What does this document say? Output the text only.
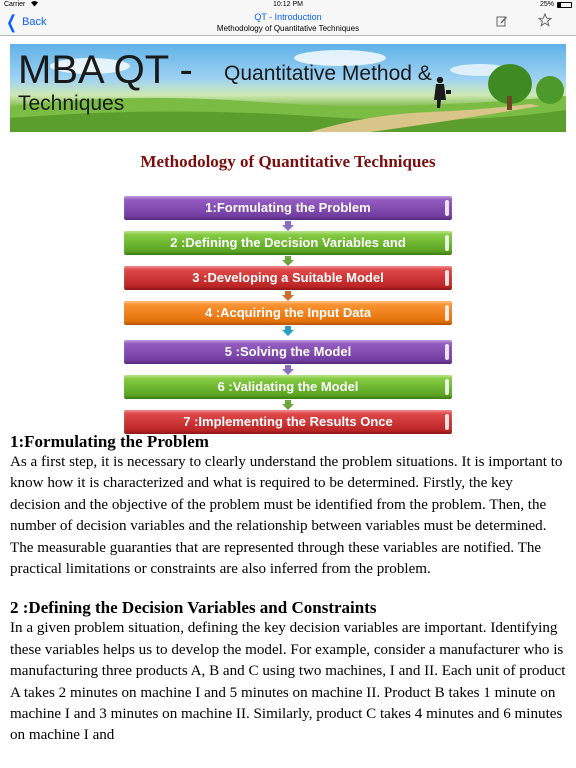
Carrier	10:12 PM	25%
❮ Back	QT - Introduction
Methodology of Quantitative Techniques
MBA QT - Quantitative Method &
Techniques
Methodology of Quantitative Techniques
1:Formulating the Problem
2 :Defining the Decision Variables and
3 :Developing a Suitable Model
4 :Acquiring the Input Data
5 :Solving the Model
6 :Validating the Model
7 :Implementing the Results Once
1:Formulating the Problem
As a first step, it is necessary to clearly understand the problem situations. It is important to know how it is characterized and what is required to be determined. Firstly, the key decision and the objective of the problem must be identified from the problem. Then, the number of decision variables and the relationship between variables must be determined. The measurable guaranties that are represented through these variables are notified. The practical limitations or constraints are also inferred from the problem.
2 :Defining the Decision Variables and Constraints
In a given problem situation, defining the key decision variables are important. Identifying these variables helps us to develop the model. For example, consider a manufacturer who is manufacturing three products A, B and C using two machines, I and II. Each unit of product A takes 2 minutes on machine I and 5 minutes on machine II. Product B takes 1 minute on machine I and 3 minutes on machine II. Similarly, product C takes 4 minutes and 6 minutes on machine I and
